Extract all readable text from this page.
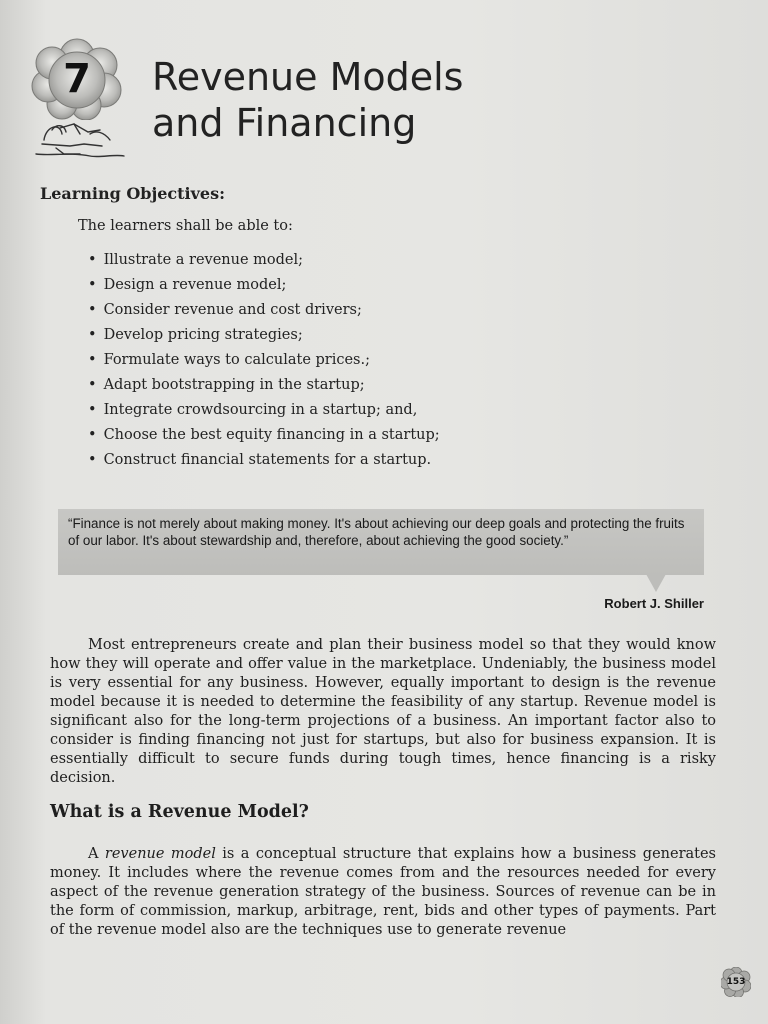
7	Revenue Models
and Financing
Learning Objectives:

The learners shall be able to:

• Illustrate a revenue model;
• Design a revenue model;
• Consider revenue and cost drivers;
• Develop pricing strategies;
• Formulate ways to calculate prices.;
• Adapt bootstrapping in the startup;
• Integrate crowdsourcing in a startup; and,
• Choose the best equity financing in a startup;
• Construct financial statements for a startup.

“Finance is not merely about making money. It's about achieving our deep goals and protecting the fruits of our labor. It's about stewardship and, therefore, about achieving the good society.”

Robert J. Shiller

Most entrepreneurs create and plan their business model so that they would know how they will operate and offer value in the marketplace. Undeniably, the business model is very essential for any business. However, equally important to design is the revenue model because it is needed to determine the feasibility of any startup. Revenue model is significant also for the long-term projections of a business. An important factor also to consider is finding financing not just for startups, but also for business expansion. It is essentially difficult to secure funds during tough times, hence financing is a risky decision.

What is a Revenue Model?

A revenue model is a conceptual structure that explains how a business generates money. It includes where the revenue comes from and the resources needed for every aspect of the revenue generation strategy of the business. Sources of revenue can be in the form of commission, markup, arbitrage, rent, bids and other types of payments. Part of the revenue model also are the techniques use to generate revenue

153
